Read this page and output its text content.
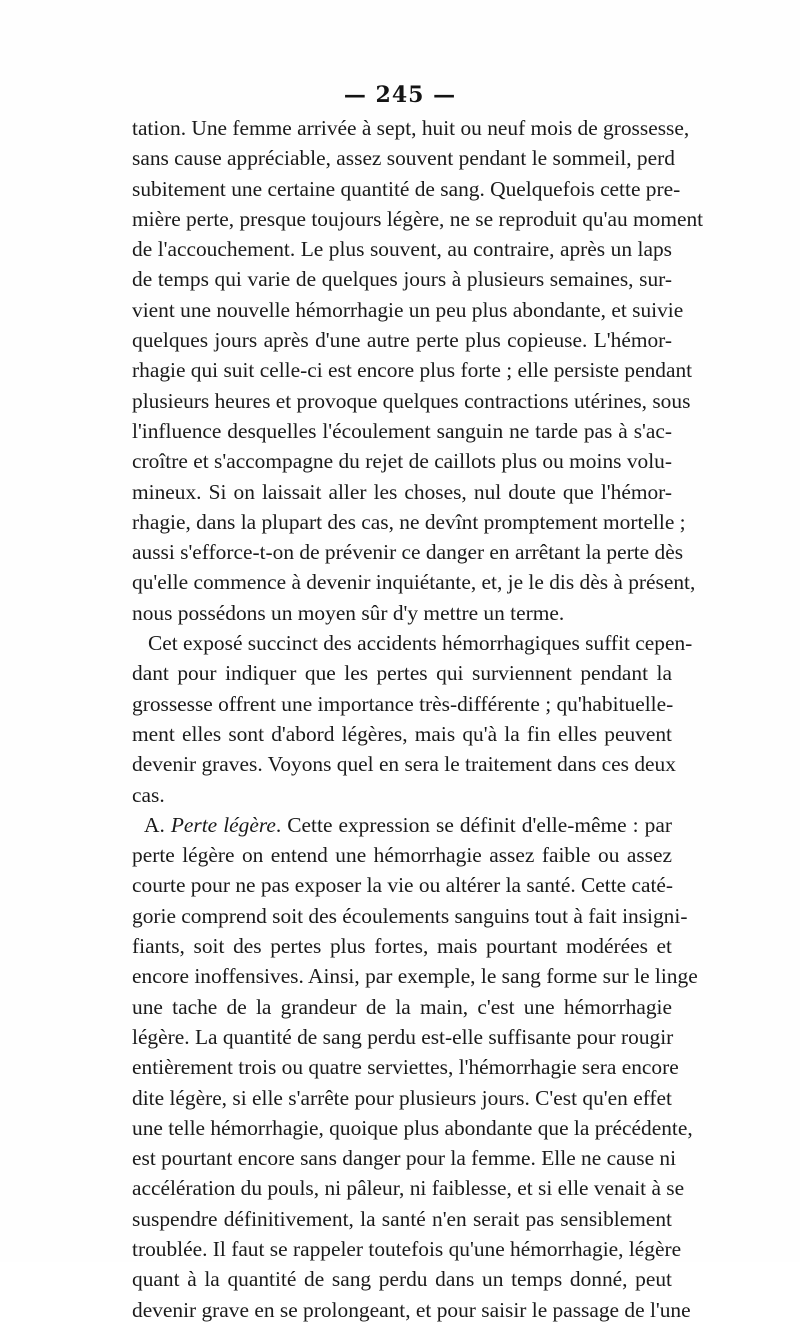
— 245 —
tation. Une femme arrivée à sept, huit ou neuf mois de grossesse,
sans cause appréciable, assez souvent pendant le sommeil, perd
subitement une certaine quantité de sang. Quelquefois cette pre-
mière perte, presque toujours légère, ne se reproduit qu'au moment
de l'accouchement. Le plus souvent, au contraire, après un laps
de temps qui varie de quelques jours à plusieurs semaines, sur-
vient une nouvelle hémorrhagie un peu plus abondante, et suivie
quelques jours après d'une autre perte plus copieuse. L'hémor-
rhagie qui suit celle-ci est encore plus forte ; elle persiste pendant
plusieurs heures et provoque quelques contractions utérines, sous
l'influence desquelles l'écoulement sanguin ne tarde pas à s'ac-
croître et s'accompagne du rejet de caillots plus ou moins volu-
mineux. Si on laissait aller les choses, nul doute que l'hémor-
rhagie, dans la plupart des cas, ne devînt promptement mortelle ;
aussi s'efforce-t-on de prévenir ce danger en arrêtant la perte dès
qu'elle commence à devenir inquiétante, et, je le dis dès à présent,
nous possédons un moyen sûr d'y mettre un terme.
Cet exposé succinct des accidents hémorrhagiques suffit cepen-
dant pour indiquer que les pertes qui surviennent pendant la
grossesse offrent une importance très-différente ; qu'habituelle-
ment elles sont d'abord légères, mais qu'à la fin elles peuvent
devenir graves. Voyons quel en sera le traitement dans ces deux
cas.
A. Perte légère. Cette expression se définit d'elle-même : par
perte légère on entend une hémorrhagie assez faible ou assez
courte pour ne pas exposer la vie ou altérer la santé. Cette caté-
gorie comprend soit des écoulements sanguins tout à fait insigni-
fiants, soit des pertes plus fortes, mais pourtant modérées et
encore inoffensives. Ainsi, par exemple, le sang forme sur le linge
une tache de la grandeur de la main, c'est une hémorrhagie
légère. La quantité de sang perdu est-elle suffisante pour rougir
entièrement trois ou quatre serviettes, l'hémorrhagie sera encore
dite légère, si elle s'arrête pour plusieurs jours. C'est qu'en effet
une telle hémorrhagie, quoique plus abondante que la précédente,
est pourtant encore sans danger pour la femme. Elle ne cause ni
accélération du pouls, ni pâleur, ni faiblesse, et si elle venait à se
suspendre définitivement, la santé n'en serait pas sensiblement
troublée. Il faut se rappeler toutefois qu'une hémorrhagie, légère
quant à la quantité de sang perdu dans un temps donné, peut
devenir grave en se prolongeant, et pour saisir le passage de l'une
